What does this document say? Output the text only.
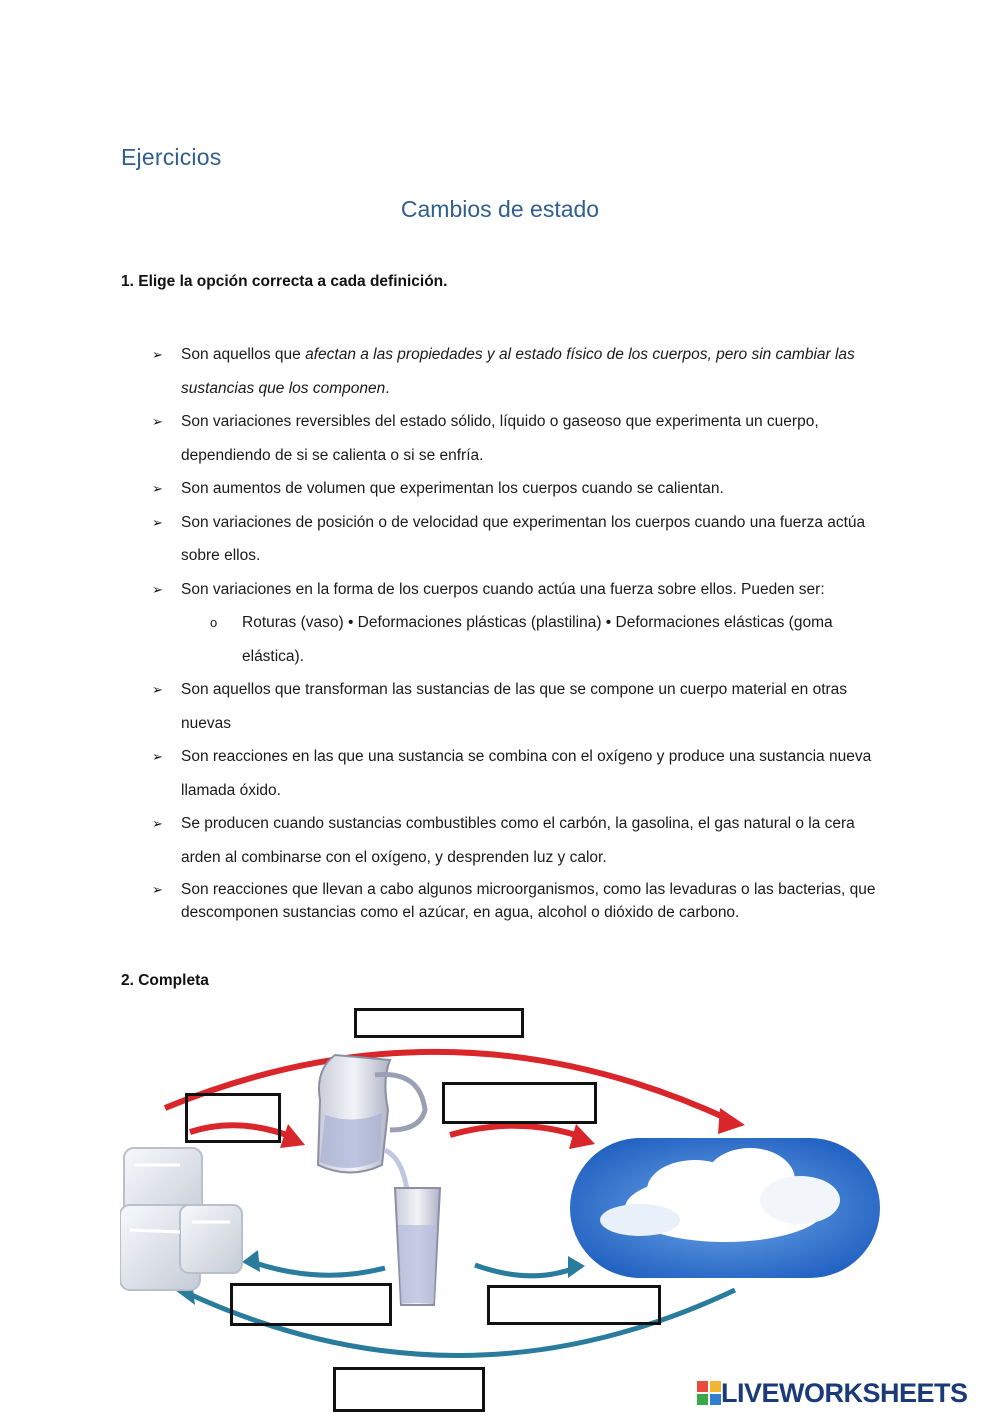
Ejercicios
Cambios de estado
1. Elige la opción correcta a cada definición.
➢ Son aquellos que afectan a las propiedades y al estado físico de los cuerpos, pero sin cambiar las sustancias que los componen.
➢ Son variaciones reversibles del estado sólido, líquido o gaseoso que experimenta un cuerpo, dependiendo de si se calienta o si se enfría.
➢ Son aumentos de volumen que experimentan los cuerpos cuando se calientan.
➢ Son variaciones de posición o de velocidad que experimentan los cuerpos cuando una fuerza actúa sobre ellos.
➢ Son variaciones en la forma de los cuerpos cuando actúa una fuerza sobre ellos. Pueden ser:
o	Roturas (vaso) • Deformaciones plásticas (plastilina) • Deformaciones elásticas (goma elástica).
➢ Son aquellos que transforman las sustancias de las que se compone un cuerpo material en otras nuevas
➢ Son reacciones en las que una sustancia se combina con el oxígeno y produce una sustancia nueva llamada óxido.
➢ Se producen cuando sustancias combustibles como el carbón, la gasolina, el gas natural o la cera arden al combinarse con el oxígeno, y desprenden luz y calor.
➢ Son reacciones que llevan a cabo algunos microorganismos, como las levaduras o las bacterias, que descomponen sustancias como el azúcar, en agua, alcohol o dióxido de carbono.
2. Completa
LIVEWORKSHEETS
